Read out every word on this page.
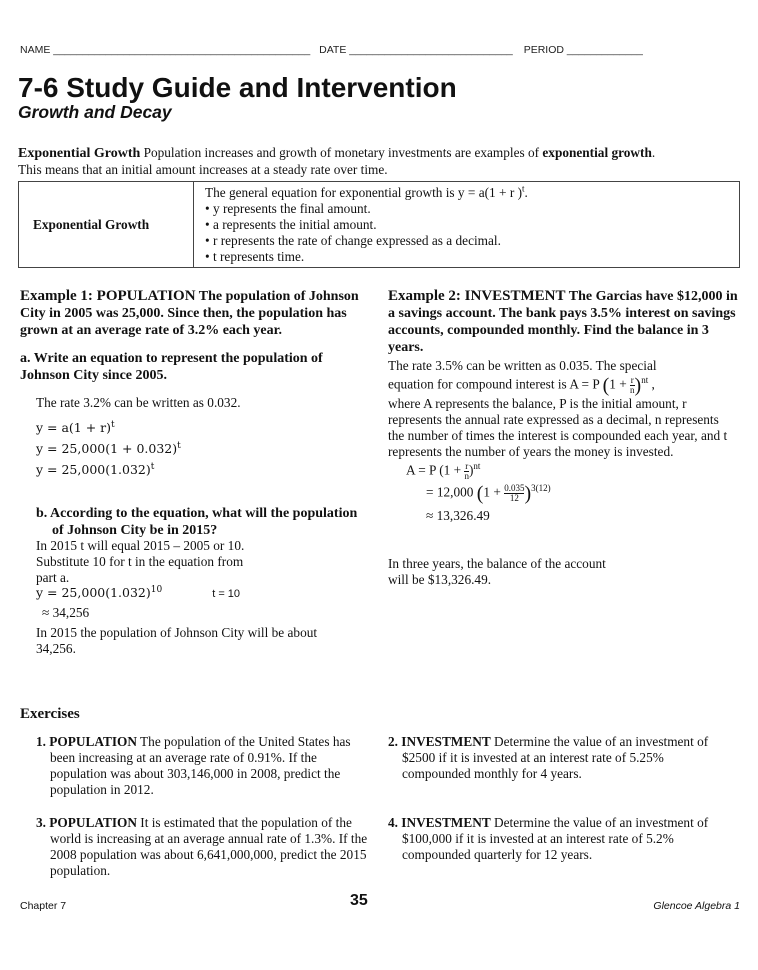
NAME ____________________________________________ DATE ____________________________ PERIOD _____________
7-6 Study Guide and Intervention
Growth and Decay
Exponential Growth Population increases and growth of monetary investments are examples of exponential growth.
This means that an initial amount increases at a steady rate over time.
Exponential Growth
The general equation for exponential growth is y = a(1 + r )$^t$.
• y represents the final amount.
• a represents the initial amount.
• r represents the rate of change expressed as a decimal.
• t represents time.
Example 1: POPULATION The population of Johnson City in 2005 was 25,000. Since then, the population has grown at an average rate of 3.2% each year.
a. Write an equation to represent the population of Johnson City since 2005.
The rate 3.2% can be written as 0.032.
$y = a(1 + r)^t$
$y = 25,000(1 + 0.032)^t$
$y = 25,000(1.032)^t$
b. According to the equation, what will the population of Johnson City be in 2015?
In 2015 t will equal 2015 – 2005 or 10.
Substitute 10 for t in the equation from
part a.
$y = 25,000(1.032)^{10}$	t = 10
≈ 34,256
In 2015 the population of Johnson City will be about 34,256.
Example 2: INVESTMENT The Garcias have $12,000 in a savings account. The bank pays 3.5% interest on savings accounts, compounded monthly. Find the balance in 3 years.
The rate 3.5% can be written as 0.035. The special
equation for compound interest is A = P $(1 + \frac{r}{n} )^{nt}$ ,
where A represents the balance, P is the initial amount, r represents the annual rate expressed as a decimal, n represents the number of times the interest is compounded each year, and t represents the number of years the money is invested.
A = P $(1 + \frac{r}{n} )^{nt}$
= 12,000 $(1 + \frac{0.035}{12} )^{3(12)}$
≈ 13,326.49
In three years, the balance of the account will be $13,326.49.
Exercises
1. POPULATION The population of the United States has been increasing at an average rate of 0.91%. If the population was about 303,146,000 in 2008, predict the population in 2012.
2. INVESTMENT Determine the value of an investment of $2500 if it is invested at an interest rate of 5.25% compounded monthly for 4 years.
3. POPULATION It is estimated that the population of the world is increasing at an average annual rate of 1.3%. If the 2008 population was about 6,641,000,000, predict the 2015 population.
4. INVESTMENT Determine the value of an investment of $100,000 if it is invested at an interest rate of 5.2% compounded quarterly for 12 years.
Chapter 7	35	Glencoe Algebra 1
